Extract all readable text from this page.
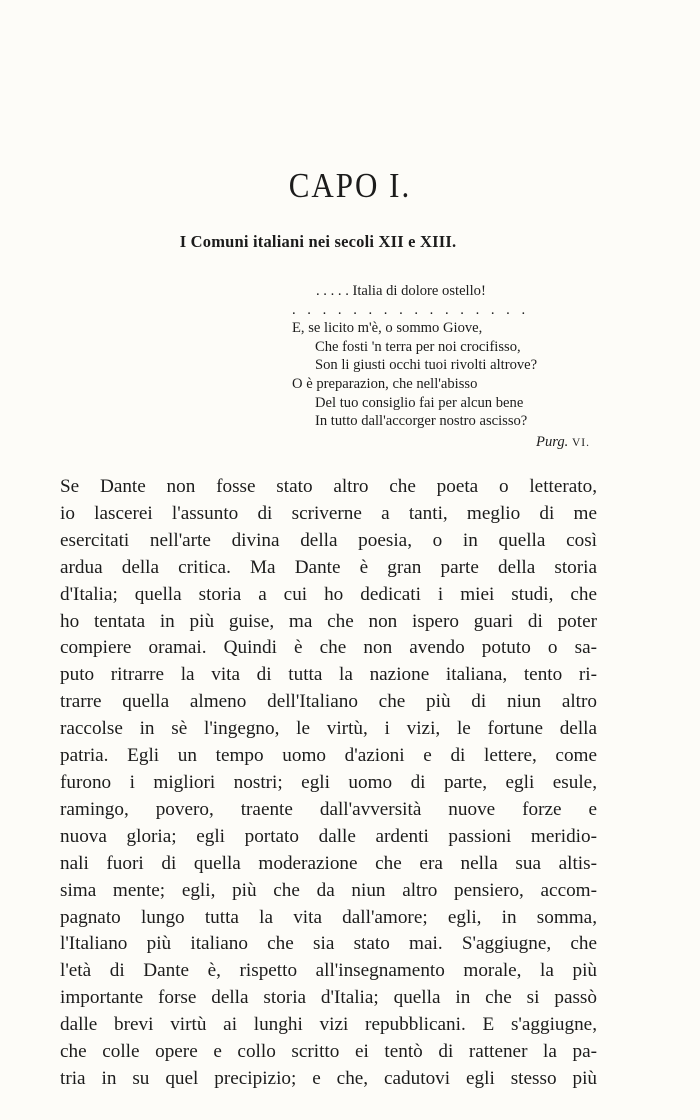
CAPO I.
I Comuni italiani nei secoli XII e XIII.
. . . . . Italia di dolore ostello!
. . . . . . . . . . . . . . . .
E, se licito m'è, o sommo Giove,
Che fosti 'n terra per noi crocifisso,
Son li giusti occhi tuoi rivolti altrove?
O è preparazion, che nell'abisso
Del tuo consiglio fai per alcun bene
In tutto dall'accorger nostro ascisso?
Purg. VI.
Se Dante non fosse stato altro che poeta o letterato,
io lascerei l'assunto di scriverne a tanti, meglio di me
esercitati nell'arte divina della poesia, o in quella così
ardua della critica. Ma Dante è gran parte della storia
d'Italia; quella storia a cui ho dedicati i miei studi, che
ho tentata in più guise, ma che non ispero guari di poter
compiere oramai. Quindi è che non avendo potuto o sa-
puto ritrarre la vita di tutta la nazione italiana, tento ri-
trarre quella almeno dell'Italiano che più di niun altro
raccolse in sè l'ingegno, le virtù, i vizi, le fortune della
patria. Egli un tempo uomo d'azioni e di lettere, come
furono i migliori nostri; egli uomo di parte, egli esule,
ramingo, povero, traente dall'avversità nuove forze e
nuova gloria; egli portato dalle ardenti passioni meridio-
nali fuori di quella moderazione che era nella sua altis-
sima mente; egli, più che da niun altro pensiero, accom-
pagnato lungo tutta la vita dall'amore; egli, in somma,
l'Italiano più italiano che sia stato mai. S'aggiugne, che
l'età di Dante è, rispetto all'insegnamento morale, la più
importante forse della storia d'Italia; quella in che si passò
dalle brevi virtù ai lunghi vizi repubblicani. E s'aggiugne,
che colle opere e collo scritto ei tentò di rattener la pa-
tria in su quel precipizio; e che, cadutovi egli stesso più
